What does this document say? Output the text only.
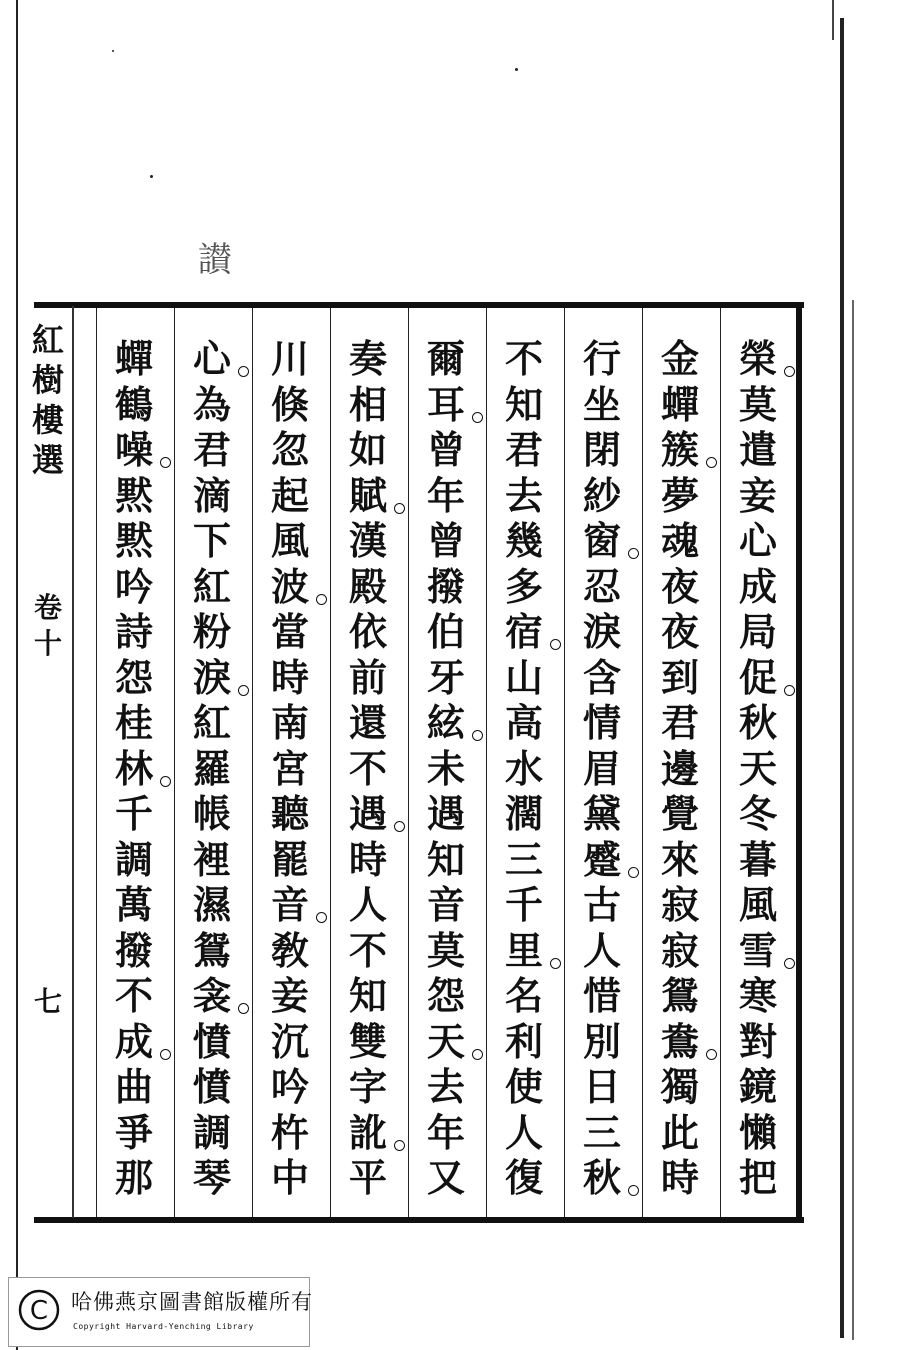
讃
紅
樹
樓
選
卷
十
七
榮
莫
遣
妾
心
成
局
促
秋
天
冬
暮
風
雪
寒
對
鏡
懶
把
金
蟬
簇
夢
魂
夜
夜
到
君
邊
覺
來
寂
寂
鴛
鴦
獨
此
時
行
坐
閉
紗
窗
忍
淚
含
情
眉
黛
蹙
古
人
惜
別
日
三
秋
不
知
君
去
幾
多
宿
山
高
水
濶
三
千
里
名
利
使
人
復
爾
耳
曾
年
曾
撥
伯
牙
絃
未
遇
知
音
莫
怨
天
去
年
又
奏
相
如
賦
漢
殿
依
前
還
不
遇
時
人
不
知
雙
字
訛
平
川
倏
忽
起
風
波
當
時
南
宮
聽
罷
音
敎
妾
沉
吟
杵
中
心
為
君
滴
下
紅
粉
淚
紅
羅
帳
裡
濕
鴛
衾
憤
憤
調
琴
蟬
鶴
噪
黙
黙
吟
詩
怨
桂
林
千
調
萬
撥
不
成
曲
爭
那
C 哈佛燕京圖書館版權所有
Copyright Harvard-Yenching Library
